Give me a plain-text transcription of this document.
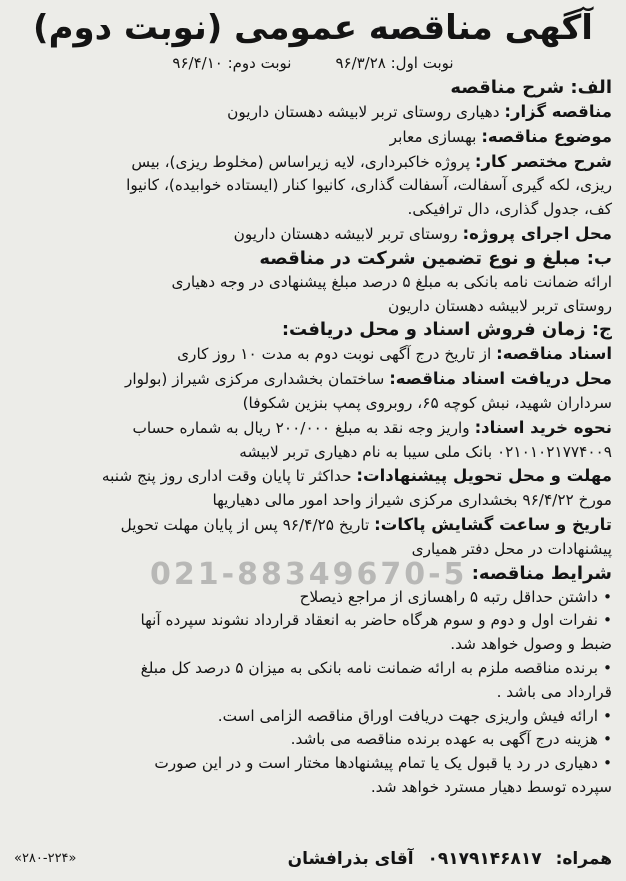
آگهی مناقصه عمومی (نوبت دوم)
نوبت اول: ۹۶/۳/۲۸
نوبت دوم: ۹۶/۴/۱۰
الف: شرح مناقصه
مناقصه گزار: دهیاری روستای تربر لابیشه دهستان داریون
موضوع مناقصه: بهسازی معابر
شرح مختصر کار: پروژه خاکبرداری، لایه زیراساس (مخلوط ریزی)، بیس
ریزی، لکه گیری آسفالت، آسفالت گذاری، کانیوا کنار (ایستاده خوابیده)، کانیوا
کف، جدول گذاری، دال ترافیکی.
محل اجرای پروژه: روستای تربر لابیشه دهستان داریون
ب: مبلغ و نوع تضمین شرکت در مناقصه
ارائه ضمانت نامه بانکی به مبلغ ۵ درصد مبلغ پیشنهادی در وجه دهیاری
روستای تربر لابیشه دهستان داریون
ج: زمان فروش اسناد و محل دریافت:
اسناد مناقصه: از تاریخ درج آگهی نوبت دوم به مدت ۱۰ روز کاری
محل دریافت اسناد مناقصه: ساختمان بخشداری مرکزی شیراز (بولوار
سرداران شهید، نبش کوچه ۶۵، روبروی پمپ بنزین شکوفا)
نحوه خرید اسناد: واریز وجه نقد به مبلغ ۲۰۰/۰۰۰ ریال به شماره حساب
۰۲۱۰۱۰۲۱۷۷۴۰۰۹ بانک ملی سیبا به نام دهیاری تربر لابیشه
مهلت و محل تحویل پیشنهادات: حداکثر تا پایان وقت اداری روز پنج شنبه
مورخ ۹۶/۴/۲۲ بخشداری مرکزی شیراز واحد امور مالی دهیاریها
تاریخ و ساعت گشایش پاکات: تاریخ ۹۶/۴/۲۵ پس از پایان مهلت تحویل
پیشنهادات در محل دفتر همیاری
شرایط مناقصه:
• داشتن حداقل رتبه ۵ راهسازی از مراجع ذیصلاح
• نفرات اول و دوم و سوم هرگاه حاضر به انعقاد قرارداد نشوند سپرده آنها
ضبط و وصول خواهد شد.
• برنده مناقصه ملزم به ارائه ضمانت نامه بانکی به میزان ۵ درصد کل مبلغ
قرارداد می باشد .
• ارائه فیش واریزی جهت دریافت اوراق مناقصه الزامی است.
• هزینه درج آگهی به عهده برنده مناقصه می باشد.
• دهیاری در رد یا قبول یک یا تمام پیشنهادها مختار است و در این صورت
سپرده توسط دهیار مسترد خواهد شد.
021-88349670-5
همراه: ۰۹۱۷۹۱۴۶۸۱۷ آقای بذرافشان
«۲۸۰-۲۲۴»
